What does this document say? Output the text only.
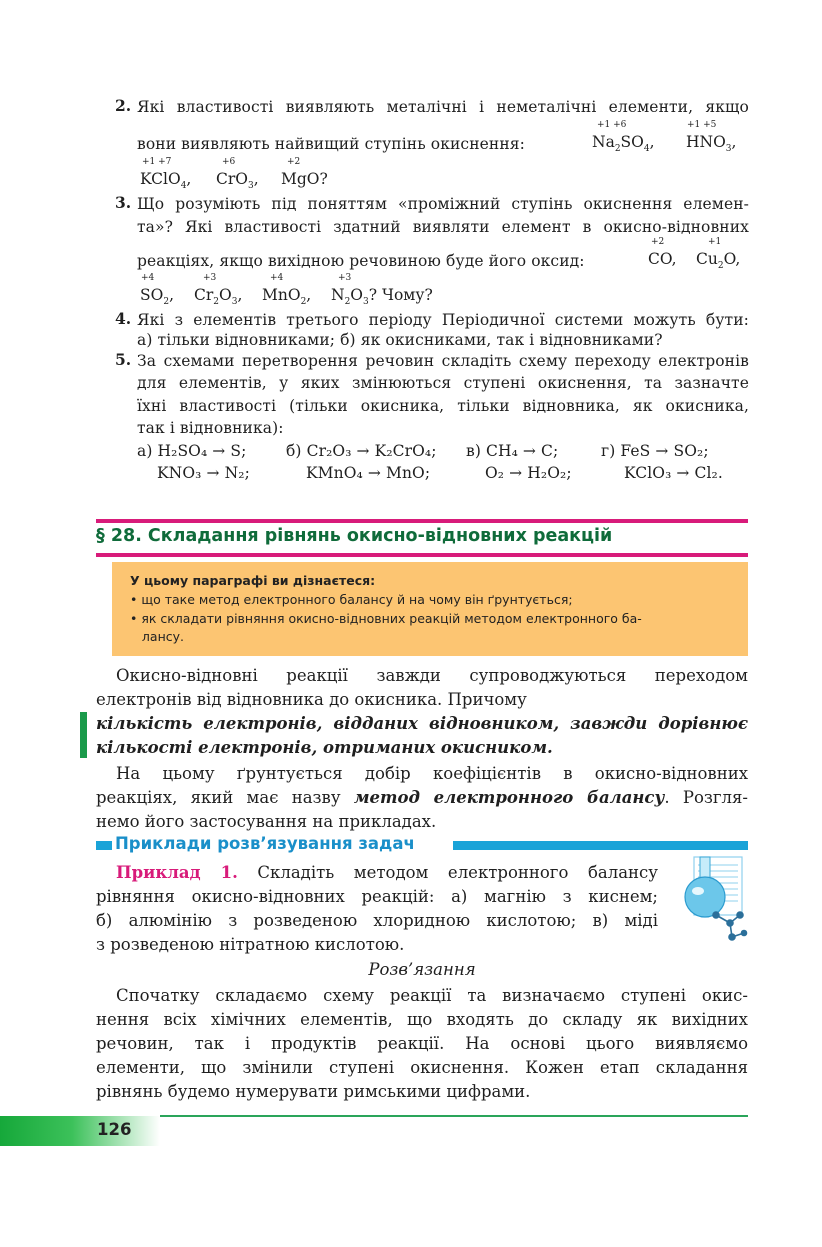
2. Які властивості виявляють металічні і неметалічні елементи, якщо
вони виявляють найвищий ступінь окиснення:
+1 +6
$Na_2SO_4$,
+1 +5
$HNO_3$,
+1 +7
KClO$_4$,
+6
CrO$_3$,
+2
MgO?
3. Що розуміють під поняттям «проміжний ступінь окиснення елемен-
та»? Які властивості здатний виявляти елемент в окисно-відновних
реакціях, якщо вихідною речовиною буде його оксид:
+2
CO,
+1
$Cu_2O$,
+4
$SO_2$,
+3
$Cr_2O_3$,
+4
MnO$_2$,
+3
$N_2O_3$? Чому?
4. Які з елементів третього періоду Періодичної системи можуть бути:
а) тільки відновниками; б) як окисниками, так і відновниками?
5. За схемами перетворення речовин складіть схему переходу електронів
для елементів, у яких змінюються ступені окиснення, та зазначте
їхні властивості (тільки окисника, тільки відновника, як окисника,
так і відновника):
а) H₂SO₄ → S;
KNO₃ → N₂;
б) Cr₂O₃ → K₂CrO₄;
KMnO₄ → MnO;
в) CH₄ → C;
O₂ → H₂O₂;
г) FeS → SO₂;
KClO₃ → Cl₂.
§ 28. Складання рівнянь окисно-відновних реакцій
У цьому параграфі ви дізнаєтеся:
• що таке метод електронного балансу й на чому він ґрунтується;
• як складати рівняння окисно-відновних реакцій методом електронного ба-
лансу.
Окисно-відновні реакції завжди супроводжуються переходом
електронів від відновника до окисника. Причому
кількість електронів, відданих відновником, завжди дорівнює
кількості електронів, отриманих окисником.
На цьому ґрунтується добір коефіцієнтів в окисно-відновних
реакціях, який має назву метод електронного балансу. Розгля-
немо його застосування на прикладах.
Приклади розв’язування задач
Приклад 1. Складіть методом електронного балансу
рівняння окисно-відновних реакцій: а) магнію з киснем;
б) алюмінію з розведеною хлоридною кислотою; в) міді
з розведеною нітратною кислотою.
Розв’язання
Спочатку складаємо схему реакції та визначаємо ступені окис-
нення всіх хімічних елементів, що входять до складу як вихідних
речовин, так і продуктів реакції. На основі цього виявляємо
елементи, що змінили ступені окиснення. Кожен етап складання
рівнянь будемо нумерувати римськими цифрами.
126
